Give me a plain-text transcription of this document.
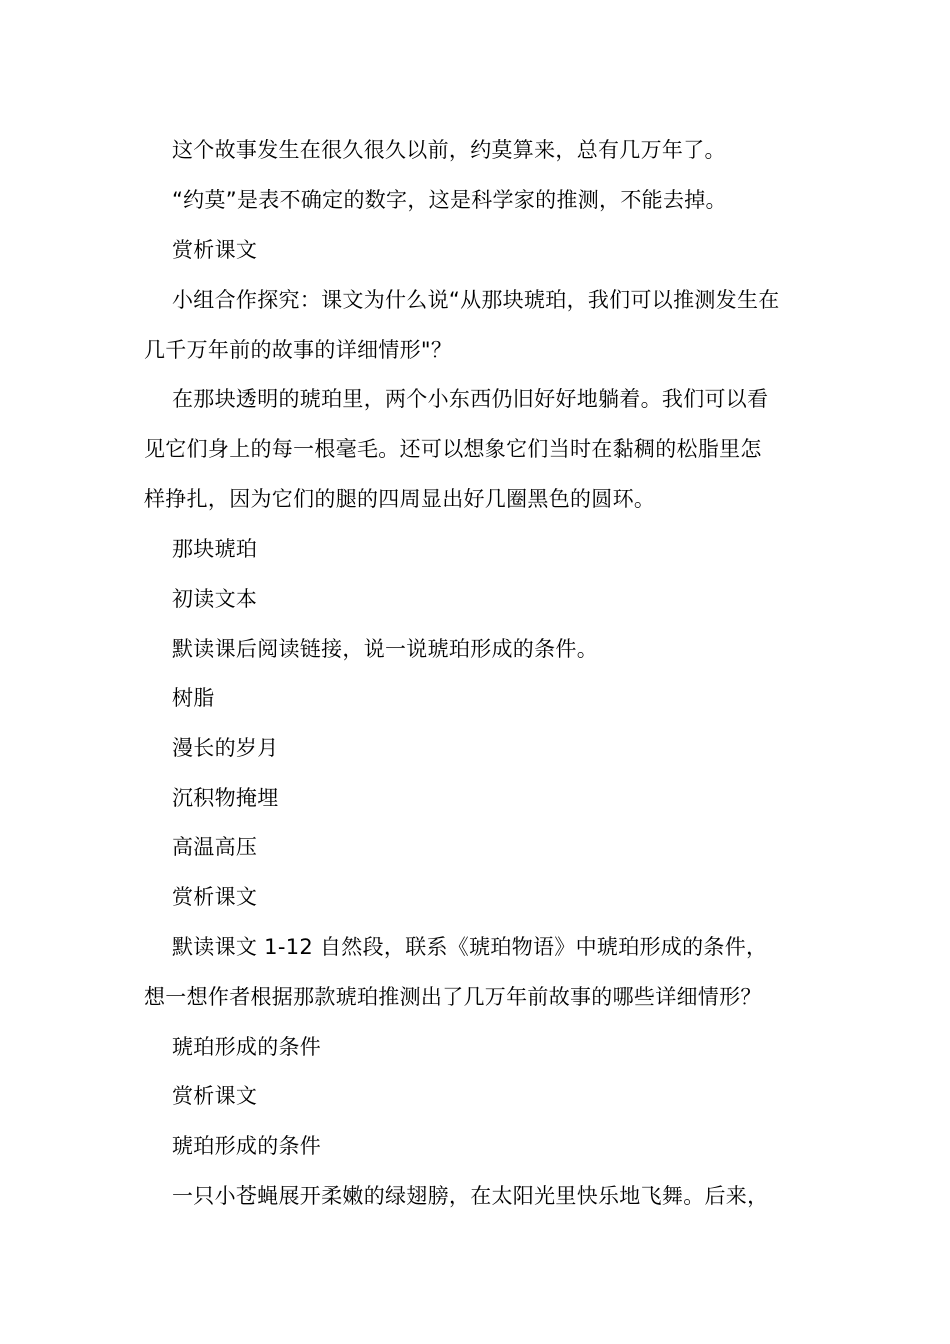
这个故事发生在很久很久以前，约莫算来，总有几万年了。
“约莫”是表不确定的数字，这是科学家的推测，不能去掉。
赏析课文
小组合作探究：课文为什么说“从那块琥珀，我们可以推测发生在
几千万年前的故事的详细情形"？
在那块透明的琥珀里，两个小东西仍旧好好地躺着。我们可以看
见它们身上的每一根毫毛。还可以想象它们当时在黏稠的松脂里怎
样挣扎，因为它们的腿的四周显出好几圈黑色的圆环。
那块琥珀
初读文本
默读课后阅读链接，说一说琥珀形成的条件。
树脂
漫长的岁月
沉积物掩埋
高温高压
赏析课文
默读课文 1-12 自然段，联系《琥珀物语》中琥珀形成的条件，
想一想作者根据那款琥珀推测出了几万年前故事的哪些详细情形？
琥珀形成的条件
赏析课文
琥珀形成的条件
一只小苍蝇展开柔嫩的绿翅膀，在太阳光里快乐地飞舞。后来，
